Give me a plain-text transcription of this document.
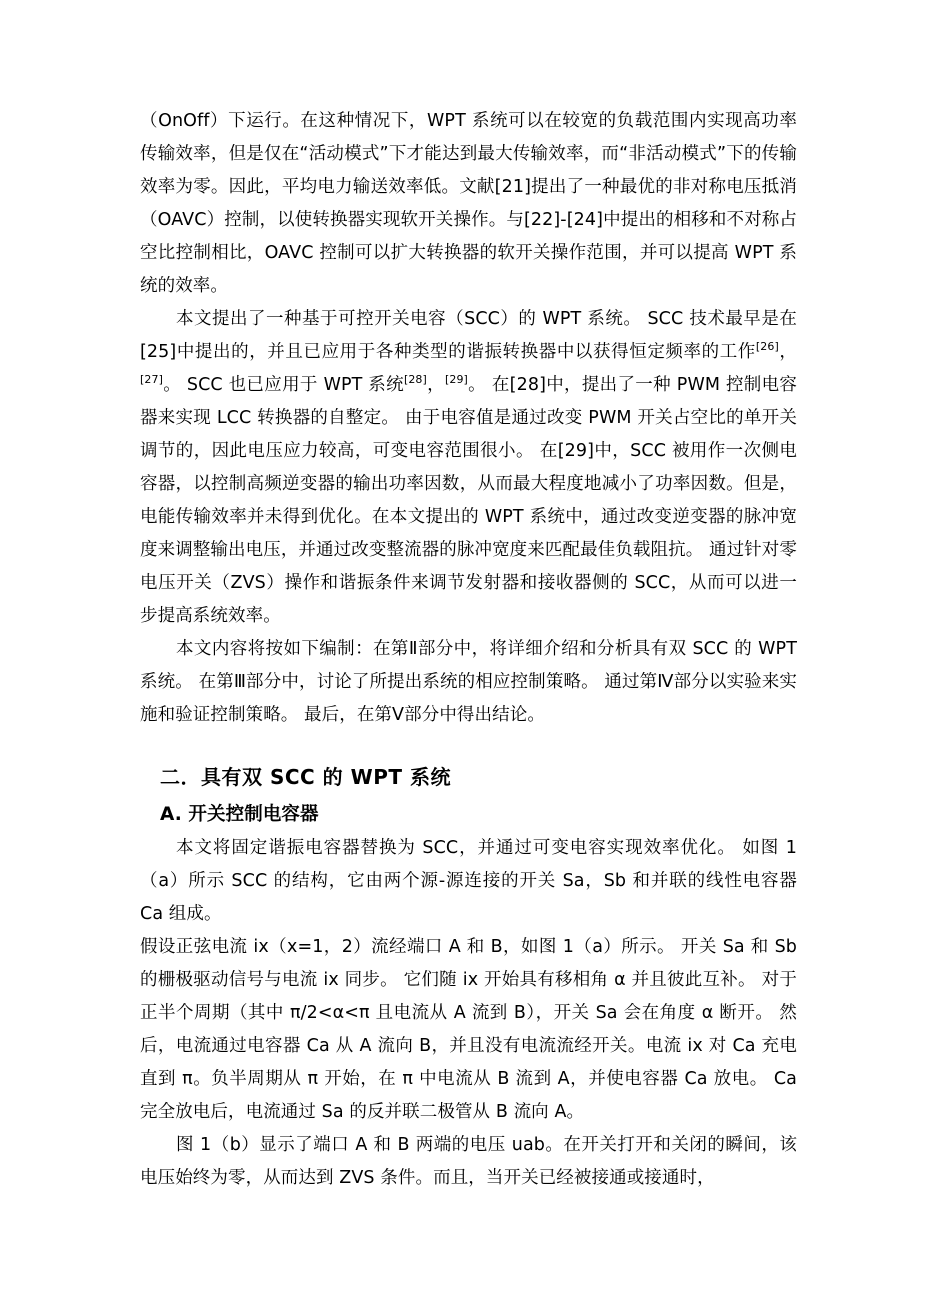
（OnOff）下运行。在这种情况下，WPT 系统可以在较宽的负载范围内实现高功率传输效率，但是仅在“活动模式”下才能达到最大传输效率，而“非活动模式”下的传输效率为零。因此，平均电力输送效率低。文献[21]提出了一种最优的非对称电压抵消（OAVC）控制，以使转换器实现软开关操作。与[22]-[24]中提出的相移和不对称占空比控制相比，OAVC 控制可以扩大转换器的软开关操作范围，并可以提高 WPT 系统的效率。

本文提出了一种基于可控开关电容（SCC）的 WPT 系统。 SCC 技术最早是在[25]中提出的，并且已应用于各种类型的谐振转换器中以获得恒定频率的工作[26]，[27]。 SCC 也已应用于 WPT 系统[28]，[29]。 在[28]中，提出了一种 PWM 控制电容器来实现 LCC 转换器的自整定。 由于电容值是通过改变 PWM 开关占空比的单开关调节的，因此电压应力较高，可变电容范围很小。 在[29]中，SCC 被用作一次侧电容器，以控制高频逆变器的输出功率因数，从而最大程度地减小了功率因数。但是，电能传输效率并未得到优化。在本文提出的 WPT 系统中，通过改变逆变器的脉冲宽度来调整输出电压，并通过改变整流器的脉冲宽度来匹配最佳负载阻抗。 通过针对零电压开关（ZVS）操作和谐振条件来调节发射器和接收器侧的 SCC，从而可以进一步提高系统效率。

本文内容将按如下编制：在第Ⅱ部分中，将详细介绍和分析具有双 SCC 的 WPT 系统。 在第Ⅲ部分中，讨论了所提出系统的相应控制策略。 通过第Ⅳ部分以实验来实施和验证控制策略。 最后，在第Ⅴ部分中得出结论。

二．具有双 SCC 的 WPT 系统

A. 开关控制电容器

本文将固定谐振电容器替换为 SCC，并通过可变电容实现效率优化。 如图 1（a）所示 SCC 的结构，它由两个源-源连接的开关 Sa，Sb 和并联的线性电容器 Ca 组成。

假设正弦电流 ix（x=1，2）流经端口 A 和 B，如图 1（a）所示。 开关 Sa 和 Sb 的栅极驱动信号与电流 ix 同步。 它们随 ix 开始具有移相角 α 并且彼此互补。 对于正半个周期（其中 π/2<α<π 且电流从 A 流到 B），开关 Sa 会在角度 α 断开。 然后，电流通过电容器 Ca 从 A 流向 B，并且没有电流流经开关。电流 ix 对 Ca 充电直到 π。负半周期从 π 开始，在 π 中电流从 B 流到 A，并使电容器 Ca 放电。 Ca 完全放电后，电流通过 Sa 的反并联二极管从 B 流向 A。

图 1（b）显示了端口 A 和 B 两端的电压 uab。在开关打开和关闭的瞬间，该电压始终为零，从而达到 ZVS 条件。而且，当开关已经被接通或接通时，
